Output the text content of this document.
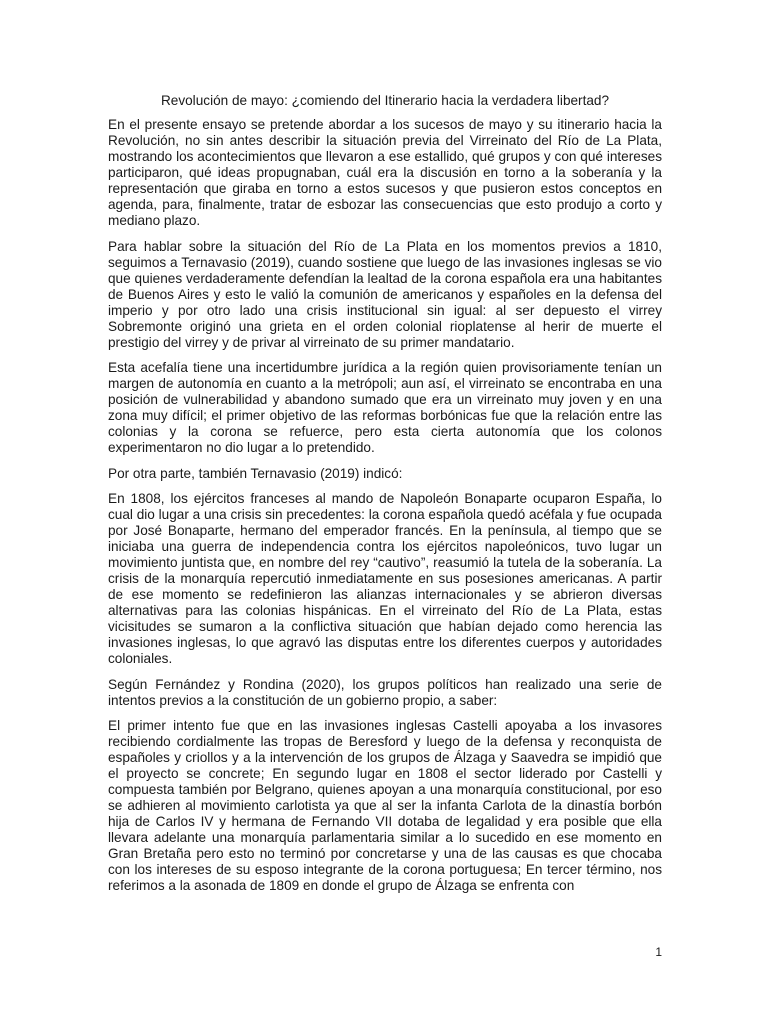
Revolución de mayo: ¿comiendo del Itinerario hacia la verdadera libertad?

En el presente ensayo se pretende abordar a los sucesos de mayo y su itinerario hacia la Revolución, no sin antes describir la situación previa del Virreinato del Río de La Plata, mostrando los acontecimientos que llevaron a ese estallido, qué grupos y con qué intereses participaron, qué ideas propugnaban, cuál era la discusión en torno a la soberanía y la representación que giraba en torno a estos sucesos y que pusieron estos conceptos en agenda, para, finalmente, tratar de esbozar las consecuencias que esto produjo a corto y mediano plazo.

Para hablar sobre la situación del Río de La Plata en los momentos previos a 1810, seguimos a Ternavasio (2019), cuando sostiene que luego de las invasiones inglesas se vio que quienes verdaderamente defendían la lealtad de la corona española era una habitantes de Buenos Aires y esto le valió la comunión de americanos y españoles en la defensa del imperio y por otro lado una crisis institucional sin igual: al ser depuesto el virrey Sobremonte originó una grieta en el orden colonial rioplatense al herir de muerte el prestigio del virrey y de privar al virreinato de su primer mandatario.

Esta acefalía tiene una incertidumbre jurídica a la región quien provisoriamente tenían un margen de autonomía en cuanto a la metrópoli; aun así, el virreinato se encontraba en una posición de vulnerabilidad y abandono sumado que era un virreinato muy joven y en una zona muy difícil; el primer objetivo de las reformas borbónicas fue que la relación entre las colonias y la corona se refuerce, pero esta cierta autonomía que los colonos experimentaron no dio lugar a lo pretendido.

Por otra parte, también Ternavasio (2019) indicó:

En 1808, los ejércitos franceses al mando de Napoleón Bonaparte ocuparon España, lo cual dio lugar a una crisis sin precedentes: la corona española quedó acéfala y fue ocupada por José Bonaparte, hermano del emperador francés. En la península, al tiempo que se iniciaba una guerra de independencia contra los ejércitos napoleónicos, tuvo lugar un movimiento juntista que, en nombre del rey “cautivo”, reasumió la tutela de la soberanía. La crisis de la monarquía repercutió inmediatamente en sus posesiones americanas. A partir de ese momento se redefinieron las alianzas internacionales y se abrieron diversas alternativas para las colonias hispánicas. En el virreinato del Río de La Plata, estas vicisitudes se sumaron a la conflictiva situación que habían dejado como herencia las invasiones inglesas, lo que agravó las disputas entre los diferentes cuerpos y autoridades coloniales.

Según Fernández y Rondina (2020), los grupos políticos han realizado una serie de intentos previos a la constitución de un gobierno propio, a saber:

El primer intento fue que en las invasiones inglesas Castelli apoyaba a los invasores recibiendo cordialmente las tropas de Beresford y luego de la defensa y reconquista de españoles y criollos y a la intervención de los grupos de Álzaga y Saavedra se impidió que el proyecto se concrete; En segundo lugar en 1808 el sector liderado por Castelli y compuesta también por Belgrano, quienes apoyan a una monarquía constitucional, por eso se adhieren al movimiento carlotista ya que al ser la infanta Carlota de la dinastía borbón hija de Carlos IV y hermana de Fernando VII dotaba de legalidad y era posible que ella llevara adelante una monarquía parlamentaria similar a lo sucedido en ese momento en Gran Bretaña pero esto no terminó por concretarse y una de las causas es que chocaba con los intereses de su esposo integrante de la corona portuguesa; En tercer término, nos referimos a la asonada de 1809 en donde el grupo de Álzaga se enfrenta con

1
